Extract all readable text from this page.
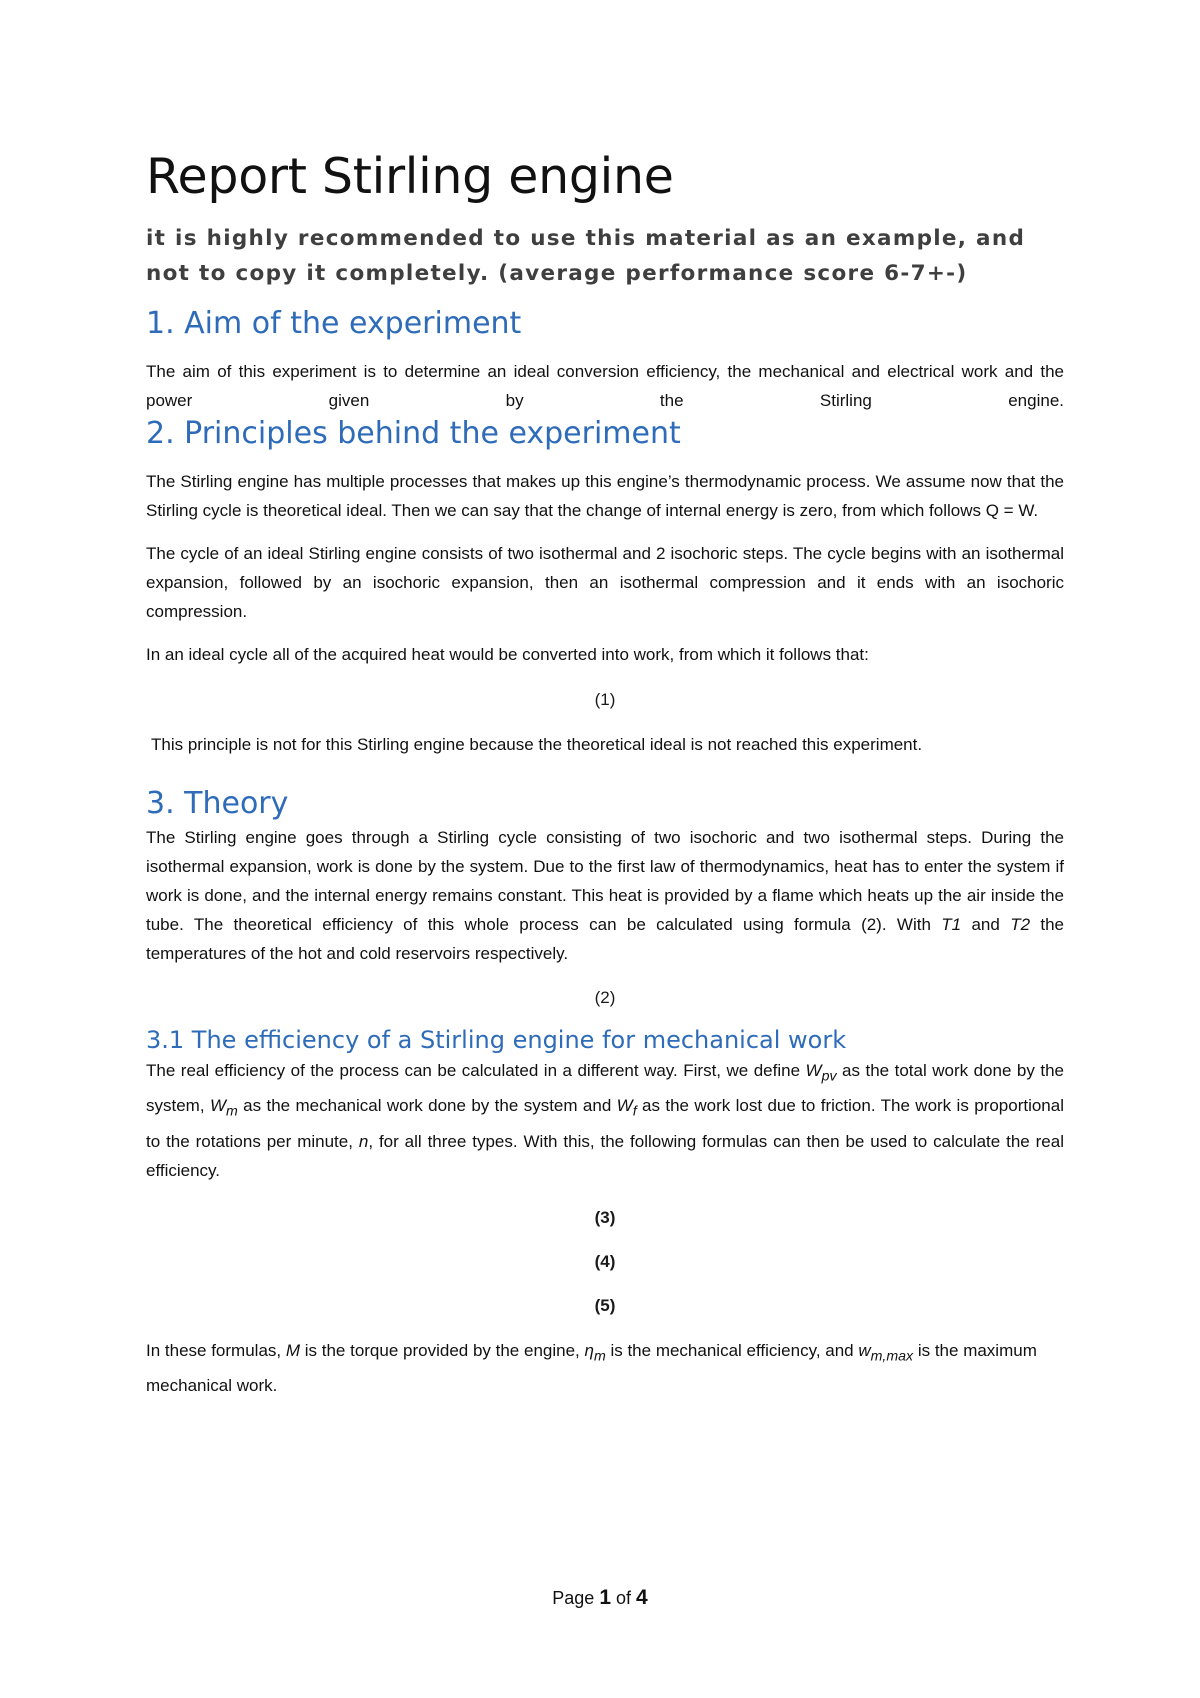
Report Stirling engine
it is highly recommended to use this material as an example, and not to copy it completely. (average performance score 6-7+-)
1. Aim of the experiment

The aim of this experiment is to determine an ideal conversion efficiency, the mechanical and electrical work and the power given by the Stirling engine.

2. Principles behind the experiment

The Stirling engine has multiple processes that makes up this engine’s thermodynamic process. We assume now that the Stirling cycle is theoretical ideal. Then we can say that the change of internal energy is zero, from which follows Q = W.

The cycle of an ideal Stirling engine consists of two isothermal and 2 isochoric steps. The cycle begins with an isothermal expansion, followed by an isochoric expansion, then an isothermal compression and it ends with an isochoric compression.

In an ideal cycle all of the acquired heat would be converted into work, from which it follows that:

(1)

This principle is not for this Stirling engine because the theoretical ideal is not reached this experiment.

3. Theory

The Stirling engine goes through a Stirling cycle consisting of two isochoric and two isothermal steps. During the isothermal expansion, work is done by the system. Due to the first law of thermodynamics, heat has to enter the system if work is done, and the internal energy remains constant. This heat is provided by a flame which heats up the air inside the tube. The theoretical efficiency of this whole process can be calculated using formula (2). With T1 and T2 the temperatures of the hot and cold reservoirs respectively.

(2)
3.1 The efficiency of a Stirling engine for mechanical work

The real efficiency of the process can be calculated in a different way. First, we define $W_{pv}$ as the total work done by the system, $W_m$ as the mechanical work done by the system and $W_f$ as the work lost due to friction. The work is proportional to the rotations per minute, n, for all three types. With this, the following formulas can then be used to calculate the real efficiency.

(3)
(4)
(5)

In these formulas, M is the torque provided by the engine, $\eta_m$ is the mechanical efficiency, and $w_{m,max}$ is the maximum mechanical work.

Page 1 of 4
